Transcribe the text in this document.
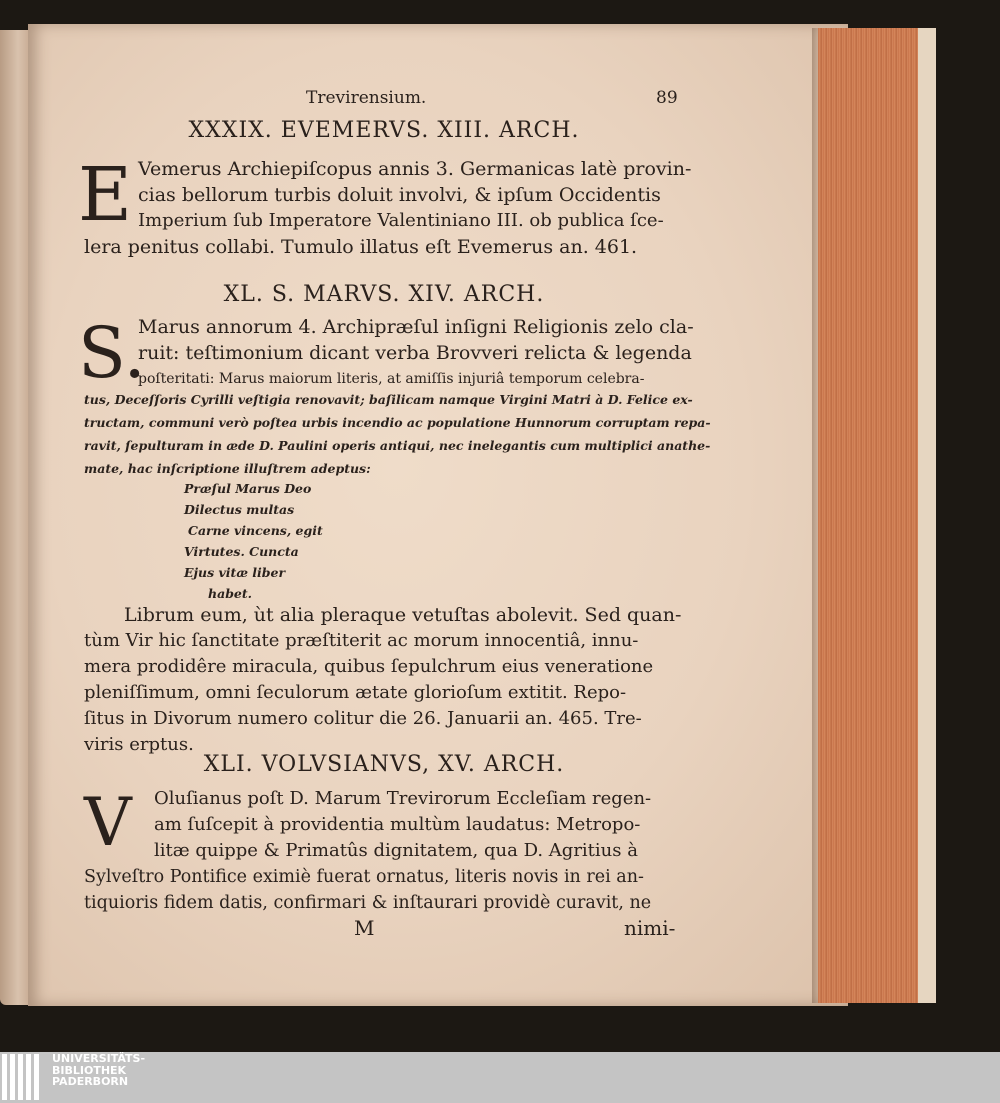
Trevirensium.	89
XXXIX. EVEMERVS. XIII. ARCH.
E Vemerus Archiepiſcopus annis 3. Germanicas latè provin-
cias bellorum turbis doluit involvi, & ipſum Occidentis
Imperium ſub Imperatore Valentiniano III. ob publica ſce-
lera penitus collabi. Tumulo illatus eſt Evemerus an. 461.
XL. S. MARVS. XIV. ARCH.
S.
Marus annorum 4. Archipræſul inſigni Religionis zelo cla-
ruit: teſtimonium dicant verba Brovveri relicta & legenda
poſteritati: Marus maiorum literis, at amiſſis injuriâ temporum celebra-
tus, Deceſſoris Cyrilli veſtigia renovavit; baſilicam namque Virgini Matri à D. Felice ex-
tructam, communi verò poſtea urbis incendio ac populatione Hunnorum corruptam repa-
ravit, ſepulturam in æde D. Paulini operis antiqui, nec inelegantis cum multiplici anathe-
mate, hac inſcriptione illuſtrem adeptus:
Præſul Marus Deo
Dilectus multas
Carne vincens, egit
Virtutes. Cuncta
Ejus vitæ liber
habet.
Librum eum, ùt alia pleraque vetuſtas abolevit. Sed quan-
tùm Vir hic ſanctitate præſtiterit ac morum innocentiâ, innu-
mera prodidêre miracula, quibus ſepulchrum eius veneratione
pleniſſimum, omni ſeculorum ætate glorioſum extitit. Repo-
ſitus in Divorum numero colitur die 26. Januarii an. 465. Tre-
viris erptus.
XLI. VOLVSIANVS, XV. ARCH.
V Oluſianus poſt D. Marum Trevirorum Eccleſiam regen-
am ſuſcepit à providentia multùm laudatus: Metropo-
litæ quippe & Primatûs dignitatem, qua D. Agritius à
Sylveſtro Pontifice eximiè fuerat ornatus, literis novis in rei an-
tiquioris fidem datis, confirmari & inſtaurari providè curavit, ne
M	nimi-
UNIVERSITÄTS-
BIBLIOTHEK
PADERBORN
